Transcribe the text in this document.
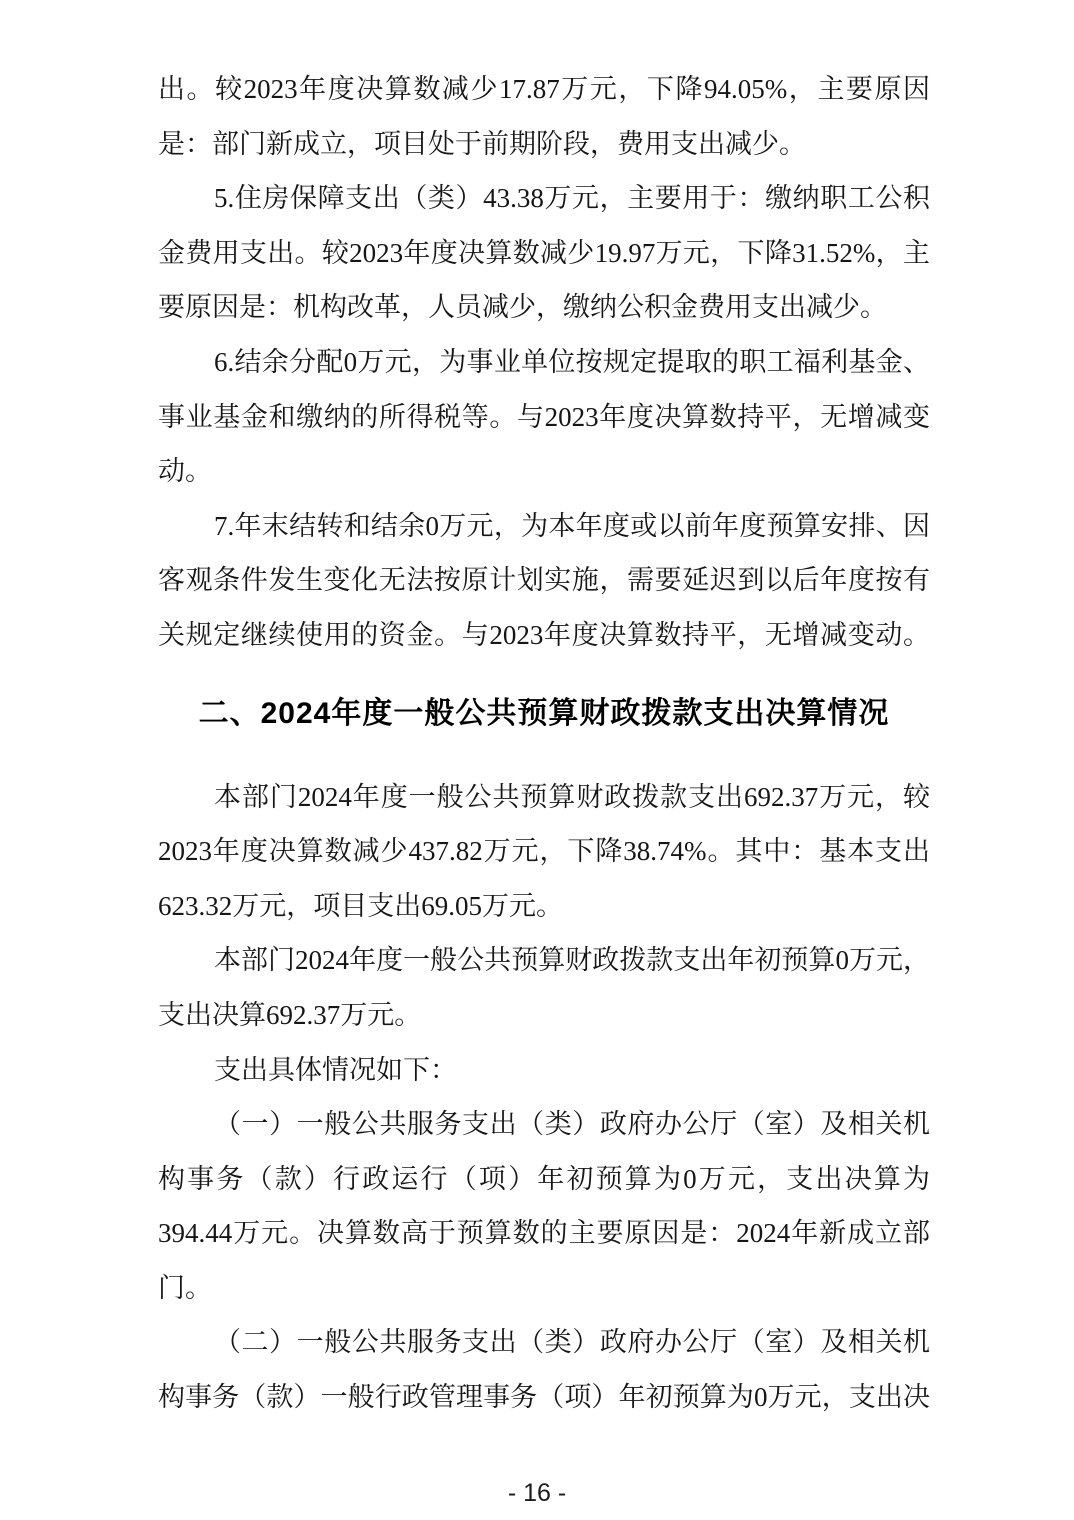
出。较2023年度决算数减少17.87万元，下降94.05%，主要原因
是：部门新成立，项目处于前期阶段，费用支出减少。
5.住房保障支出（类）43.38万元，主要用于：缴纳职工公积
金费用支出。较2023年度决算数减少19.97万元，下降31.52%，主
要原因是：机构改革，人员减少，缴纳公积金费用支出减少。
6.结余分配0万元，为事业单位按规定提取的职工福利基金、
事业基金和缴纳的所得税等。与2023年度决算数持平，无增减变
动。
7.年末结转和结余0万元，为本年度或以前年度预算安排、因
客观条件发生变化无法按原计划实施，需要延迟到以后年度按有
关规定继续使用的资金。与2023年度决算数持平，无增减变动。
二、2024年度一般公共预算财政拨款支出决算情况
本部门2024年度一般公共预算财政拨款支出692.37万元，较
2023年度决算数减少437.82万元，下降38.74%。其中：基本支出
623.32万元，项目支出69.05万元。
本部门2024年度一般公共预算财政拨款支出年初预算0万元，
支出决算692.37万元。
支出具体情况如下：
（一）一般公共服务支出（类）政府办公厅（室）及相关机
构事务（款）行政运行（项）年初预算为0万元，支出决算为
394.44万元。决算数高于预算数的主要原因是：2024年新成立部
门。
（二）一般公共服务支出（类）政府办公厅（室）及相关机
构事务（款）一般行政管理事务（项）年初预算为0万元，支出决
- 16 -
